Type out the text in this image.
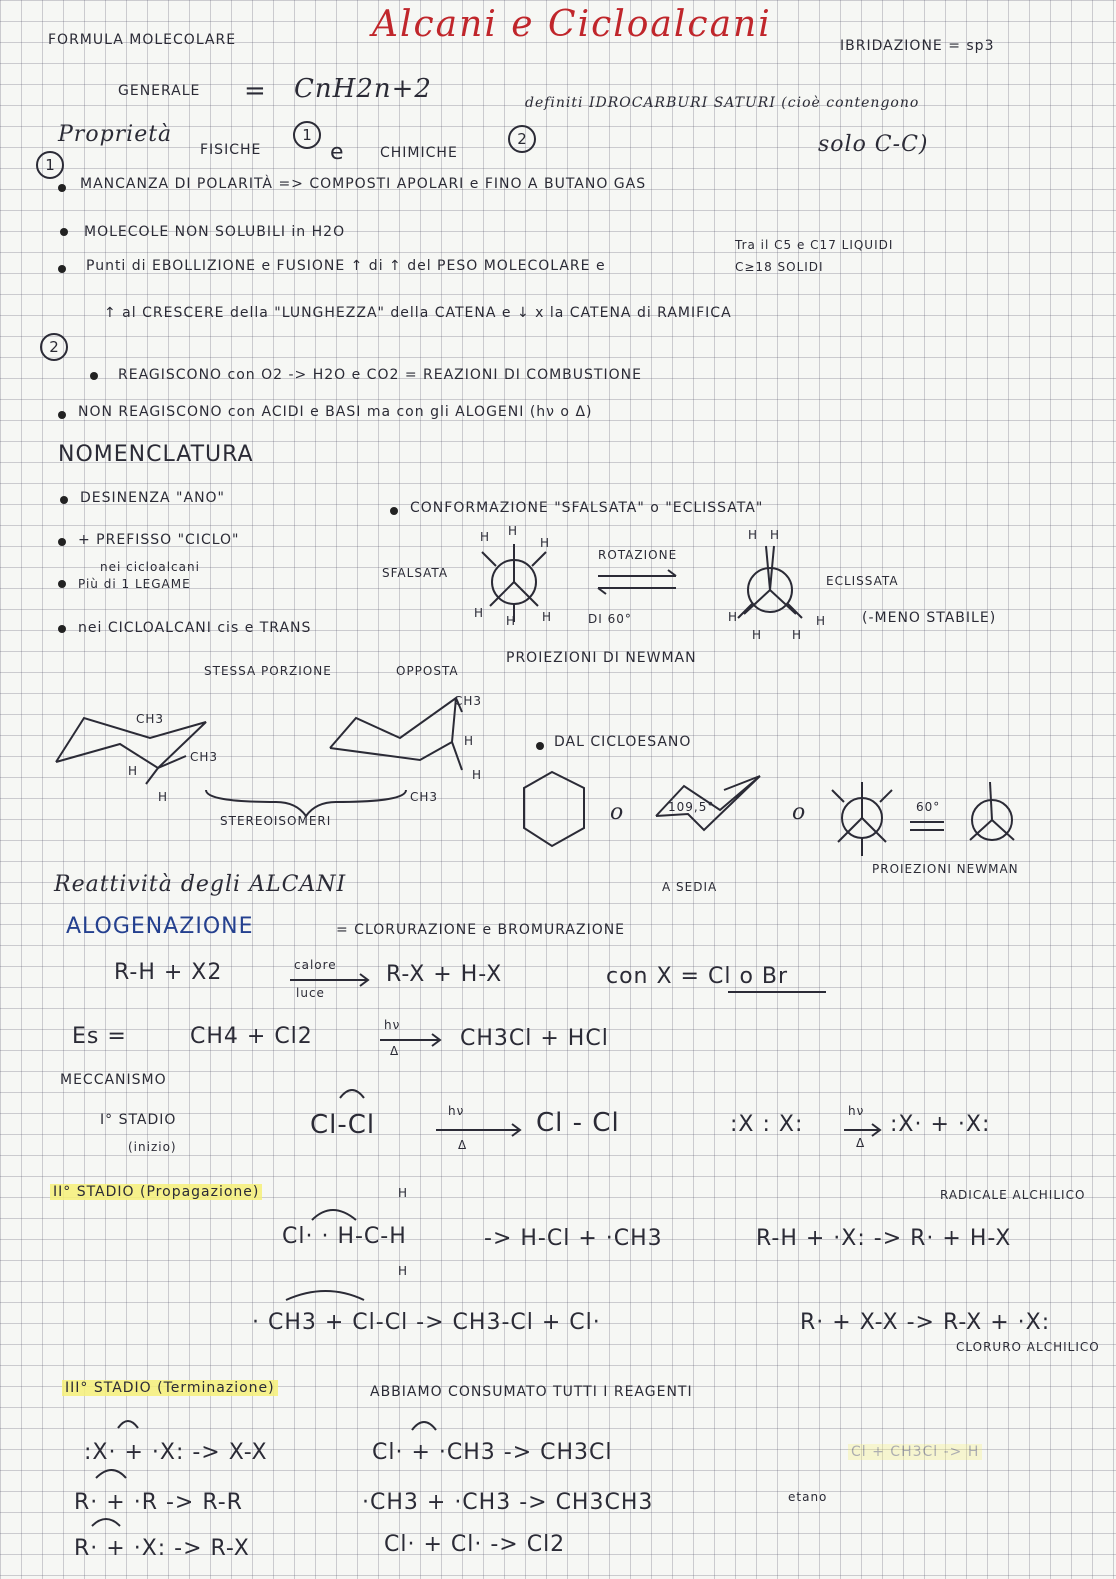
Alcani e Cicloalcani
FORMULA MOLECOLARE	IBRIDAZIONE = sp3
GENERALE = CnH2n+2	definiti IDROCARBURI SATURI (cioè contengono
solo C-C)
Proprietà
FISICHE	e	CHIMICHE
1	2
1
MANCANZA DI POLARITÀ => COMPOSTI APOLARI e FINO A BUTANO GAS
MOLECOLE NON SOLUBILI in H2O
Tra il C5 e C17 LIQUIDI
C≥18 SOLIDI
Punti di EBOLLIZIONE e FUSIONE ↑ di ↑ del PESO MOLECOLARE e
↑ al CRESCERE della "LUNGHEZZA" della CATENA e ↓ x la CATENA di RAMIFICA
2
REAGISCONO con O2 -> H2O e CO2 = REAZIONI DI COMBUSTIONE
NON REAGISCONO con ACIDI e BASI ma con gli ALOGENI (hν o Δ)
NOMENCLATURA
DESINENZA "ANO"
CONFORMAZIONE "SFALSATA" o "ECLISSATA"
+ PREFISSO "CICLO"
nei cicloalcani
Più di 1 LEGAME
nei CICLOALCANI cis e TRANS
STESSA PORZIONE	OPPOSTA
SFALSATA
ROTAZIONE
DI 60°
ECLISSATA
(-MENO STABILE)
PROIEZIONI DI NEWMAN
H H
H
H
H H
H H
H
H H
H
CH3
CH3
H
H
CH3
H
H
CH3
STEREOISOMERI
DAL CICLOESANO
109,5°
o	o	60°
A SEDIA
PROIEZIONI NEWMAN
Reattività degli ALCANI
ALOGENAZIONE	= CLORURAZIONE e BROMURAZIONE
R-H + X2	calore
luce
R-X + H-X	con X = Cl o Br
Es =	CH4 + Cl2	hν
Δ	CH3Cl + HCl
MECCANISMO
I° STADIO
(inizio)
Cl-Cl	hν
Δ
Cl - Cl	:X : X:
hν
Δ
:X· + ·X:
II° STADIO (Propagazione)	RADICALE ALCHILICO
Cl· · H-C-H
H
H
-> H-Cl + ·CH3	R-H + ·X: -> R· + H-X
· CH3 + Cl-Cl -> CH3-Cl + Cl·	R· + X-X -> R-X + ·X:
CLORURO ALCHILICO
III° STADIO (Terminazione)	ABBIAMO CONSUMATO TUTTI I REAGENTI
:X· + ·X: -> X-X	Cl· + ·CH3 -> CH3Cl	Cl + CH3Cl -> H
R· + ·R -> R-R	·CH3 + ·CH3 -> CH3CH3	etano
R· + ·X: -> R-X	Cl· + Cl· -> Cl2
